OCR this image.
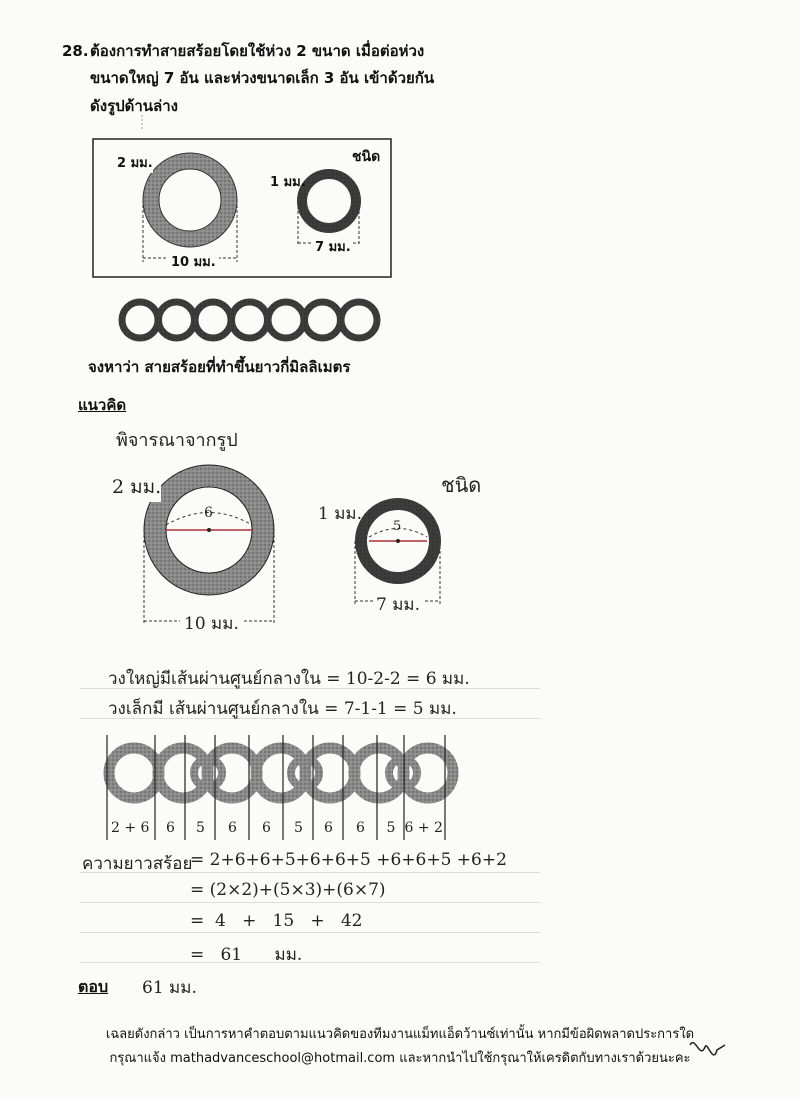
28. ต้องการทำสายสร้อยโดยใช้ห่วง 2 ขนาด เมื่อต่อห่วง
ขนาดใหญ่ 7 อัน และห่วงขนาดเล็ก 3 อัน เข้าด้วยกัน
ดังรูปด้านล่าง
2 มม.
10 มม.
ชนิด
1 มม.
7 มม.
จงหาว่า สายสร้อยที่ทำขึ้นยาวกี่มิลลิเมตร
แนวคิด
พิจารณาจากรูป
2 มม.
6
10 มม.
ชนิด
1 มม.
5
7 มม.
วงใหญ่มีเส้นผ่านศูนย์กลางใน = 10-2-2 = 6 มม.
วงเล็กมี เส้นผ่านศูนย์กลางใน = 7-1-1 = 5 มม.
2 + 6 6 5 6 6 5 6 6 5 6 + 2
ความยาวสร้อย
= 2+6+6+5+6+6+5 +6+6+5 +6+2
= (2×2)+(5×3)+(6×7)
=  4   +   15   +   42
=   61      มม.
ตอบ 61 มม.
เฉลยดังกล่าว เป็นการหาคำตอบตามแนวคิดของทีมงานแม็ทแอ็ดว้านซ์เท่านั้น หากมีข้อผิดพลาดประการใด
กรุณาแจ้ง mathadvanceschool@hotmail.com และหากนำไปใช้กรุณาให้เครดิตกับทางเราด้วยนะคะ
